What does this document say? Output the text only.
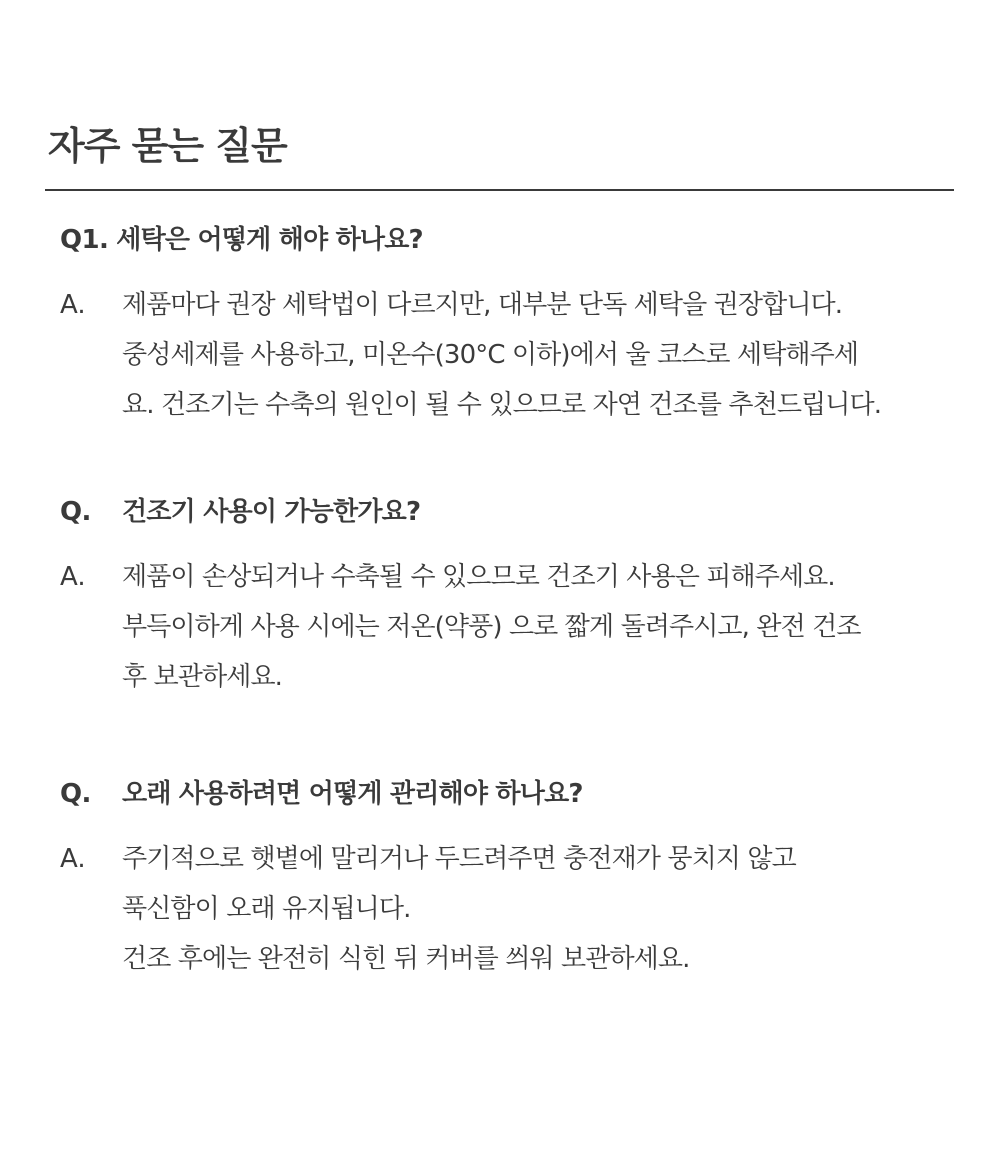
자주 묻는 질문
Q1. 세탁은 어떻게 해야 하나요?
A.	제품마다 권장 세탁법이 다르지만, 대부분 단독 세탁을 권장합니다.
중성세제를 사용하고, 미온수(30°C 이하)에서 울 코스로 세탁해주세
요. 건조기는 수축의 원인이 될 수 있으므로 자연 건조를 추천드립니다.
Q.	건조기 사용이 가능한가요?
A.	제품이 손상되거나 수축될 수 있으므로 건조기 사용은 피해주세요.
부득이하게 사용 시에는 저온(약풍) 으로 짧게 돌려주시고, 완전 건조
후 보관하세요.
Q.	오래 사용하려면 어떻게 관리해야 하나요?
A.	주기적으로 햇볕에 말리거나 두드려주면 충전재가 뭉치지 않고
푹신함이 오래 유지됩니다.
건조 후에는 완전히 식힌 뒤 커버를 씌워 보관하세요.
